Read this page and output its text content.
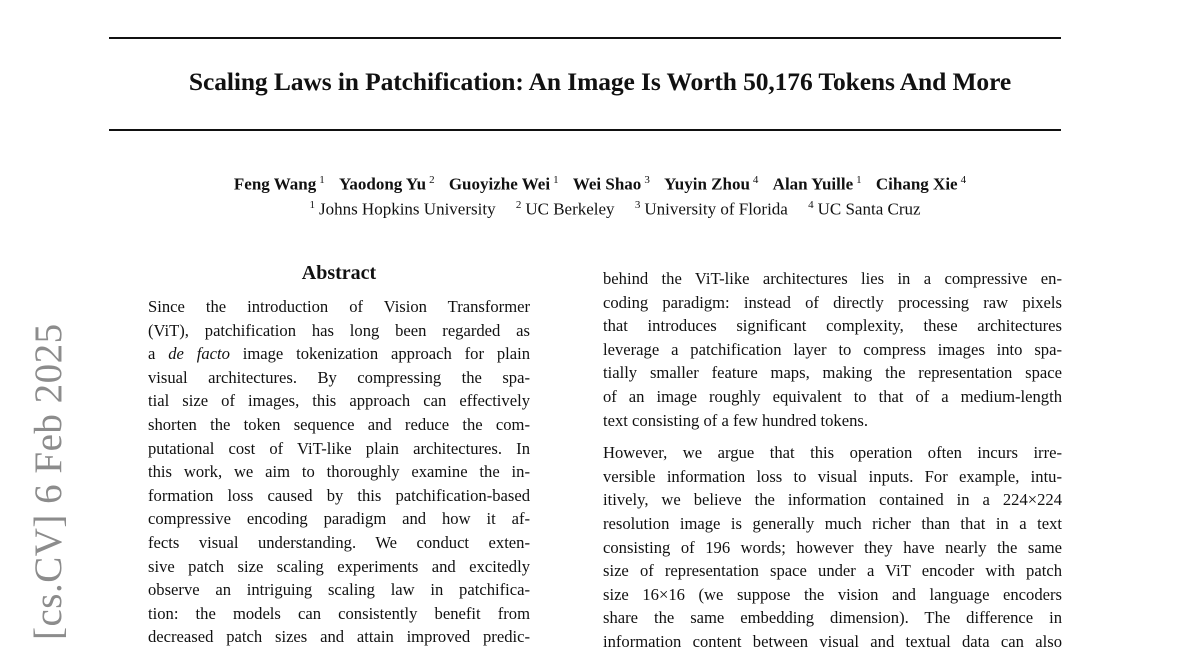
Scaling Laws in Patchification: An Image Is Worth 50,176 Tokens And More
Feng Wang $^1$ Yaodong Yu $^2$ Guoyizhe Wei $^1$ Wei Shao $^3$ Yuyin Zhou $^4$ Alan Yuille $^1$ Cihang Xie $^4$
$^1$ Johns Hopkins University $^2$ UC Berkeley $^3$ University of Florida $^4$ UC Santa Cruz
[cs.CV] 6 Feb 2025
Abstract
Since the introduction of Vision Transformer
(ViT), patchification has long been regarded as
a de facto image tokenization approach for plain
visual architectures. By compressing the spa-
tial size of images, this approach can effectively
shorten the token sequence and reduce the com-
putational cost of ViT-like plain architectures. In
this work, we aim to thoroughly examine the in-
formation loss caused by this patchification-based
compressive encoding paradigm and how it af-
fects visual understanding. We conduct exten-
sive patch size scaling experiments and excitedly
observe an intriguing scaling law in patchifica-
tion: the models can consistently benefit from
decreased patch sizes and attain improved predic-
behind the ViT-like architectures lies in a compressive en-
coding paradigm: instead of directly processing raw pixels
that introduces significant complexity, these architectures
leverage a patchification layer to compress images into spa-
tially smaller feature maps, making the representation space
of an image roughly equivalent to that of a medium-length
text consisting of a few hundred tokens.
However, we argue that this operation often incurs irre-
versible information loss to visual inputs. For example, intu-
itively, we believe the information contained in a 224×224
resolution image is generally much richer than that in a text
consisting of 196 words; however they have nearly the same
size of representation space under a ViT encoder with patch
size 16×16 (we suppose the vision and language encoders
share the same embedding dimension). The difference in
information content between visual and textual data can also
